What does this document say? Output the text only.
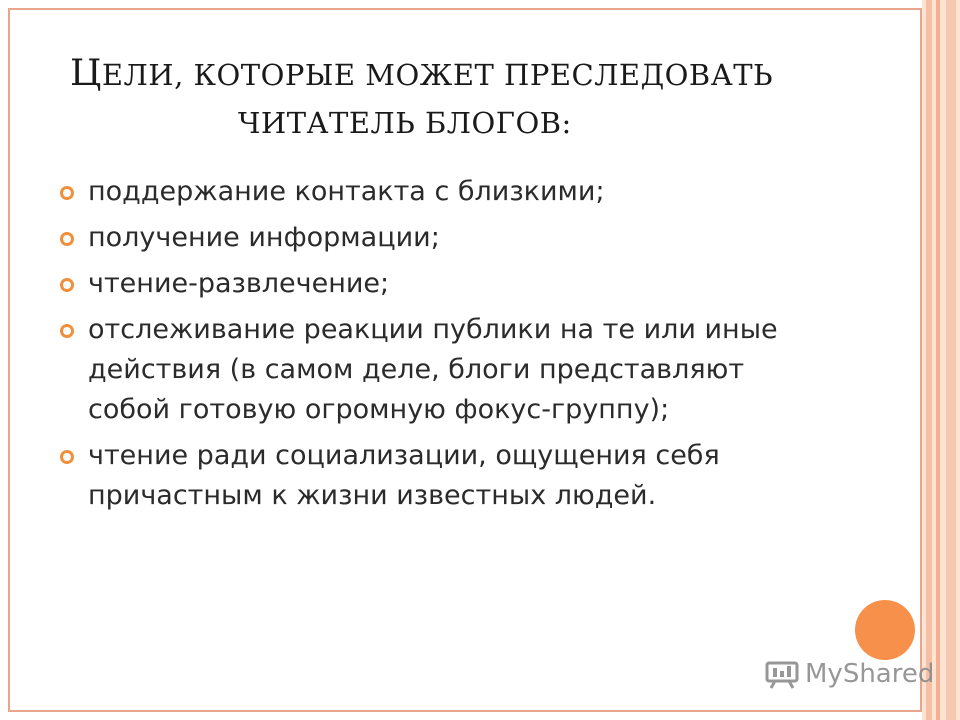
ЦЕЛИ, КОТОРЫЕ МОЖЕТ ПРЕСЛЕДОВАТЬ
ЧИТАТЕЛЬ БЛОГОВ:
поддержание контакта с близкими;
получение информации;
чтение-развлечение;
отслеживание реакции публики на те или иные действия (в самом деле, блоги представляют собой готовую огромную фокус-группу);
чтение ради социализации, ощущения себя причастным к жизни известных людей.
MyShared
